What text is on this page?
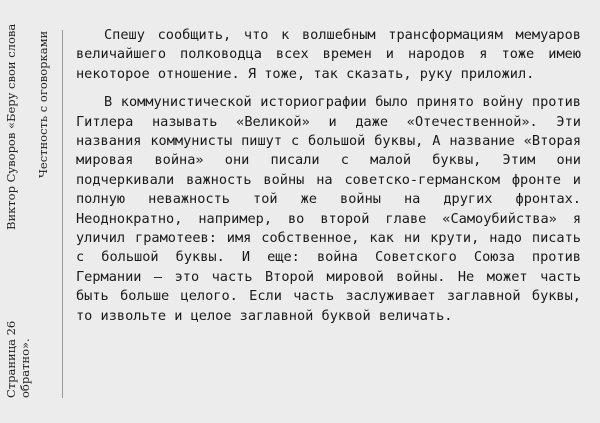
Страница 26 обратно».
Виктор Суворов «Беру свои слова Честность с оговорками	Спешу сообщить, что к волшебным трансформациям мемуаров величайшего полководца всех времен и народов я тоже имею некоторое отношение. Я тоже, так сказать, руку приложил.

В коммунистической историографии было принято войну против Гитлера называть «Великой» и даже «Отечественной». Эти названия коммунисты пишут с большой буквы, А название «Вторая мировая война» они писали с малой буквы, Этим они подчеркивали важность войны на советско-германском фронте и полную неважность той же войны на других фронтах. Неоднократно, например, во второй главе «Самоубийства» я уличил грамотеев: имя собственное, как ни крути, надо писать с большой буквы. И еще: война Советского Союза против Германии — это часть Второй мировой войны. Не может часть быть больше целого. Если часть заслуживает заглавной буквы, то извольте и целое заглавной буквой величать.
